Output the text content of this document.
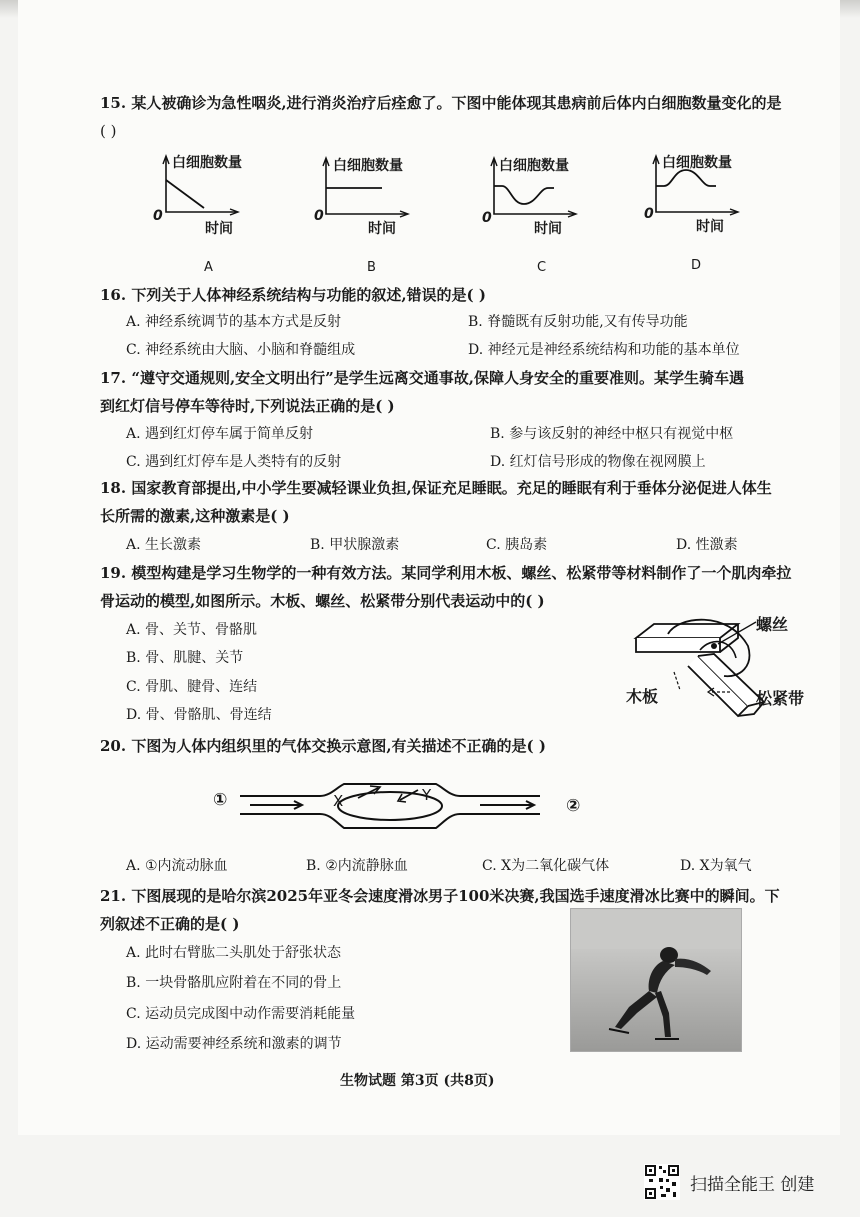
15. 某人被确诊为急性咽炎,进行消炎治疗后痊愈了。下图中能体现其患病前后体内白细胞数量变化的是
( )
白细胞数量
0
时间
A
白细胞数量
0
时间
B
白细胞数量
0
时间
C
白细胞数量
0
时间
D
16. 下列关于人体神经系统结构与功能的叙述,错误的是( )
A. 神经系统调节的基本方式是反射	B. 脊髓既有反射功能,又有传导功能
C. 神经系统由大脑、小脑和脊髓组成	D. 神经元是神经系统结构和功能的基本单位
17. “遵守交通规则,安全文明出行”是学生远离交通事故,保障人身安全的重要准则。某学生骑车遇
到红灯信号停车等待时,下列说法正确的是( )
A. 遇到红灯停车属于简单反射	B. 参与该反射的神经中枢只有视觉中枢
C. 遇到红灯停车是人类特有的反射	D. 红灯信号形成的物像在视网膜上
18. 国家教育部提出,中小学生要减轻课业负担,保证充足睡眠。充足的睡眠有利于垂体分泌促进人体生
长所需的激素,这种激素是( )
A. 生长激素	B. 甲状腺激素	C. 胰岛素	D. 性激素
19. 模型构建是学习生物学的一种有效方法。某同学利用木板、螺丝、松紧带等材料制作了一个肌肉牵拉
骨运动的模型,如图所示。木板、螺丝、松紧带分别代表运动中的( )
A. 骨、关节、骨骼肌
B. 骨、肌腱、关节
C. 骨肌、腱骨、连结
D. 骨、骨骼肌、骨连结
螺丝
木板	松紧带
20. 下图为人体内组织里的气体交换示意图,有关描述不正确的是( )
①	②
X	Y
A. ①内流动脉血	B. ②内流静脉血	C. X为二氧化碳气体	D. X为氧气
21. 下图展现的是哈尔滨2025年亚冬会速度滑冰男子100米决赛,我国选手速度滑冰比赛中的瞬间。下
列叙述不正确的是( )
A. 此时右臂肱二头肌处于舒张状态
B. 一块骨骼肌应附着在不同的骨上
C. 运动员完成图中动作需要消耗能量
D. 运动需要神经系统和激素的调节
生物试题 第3页 (共8页)
扫描全能王 创建
